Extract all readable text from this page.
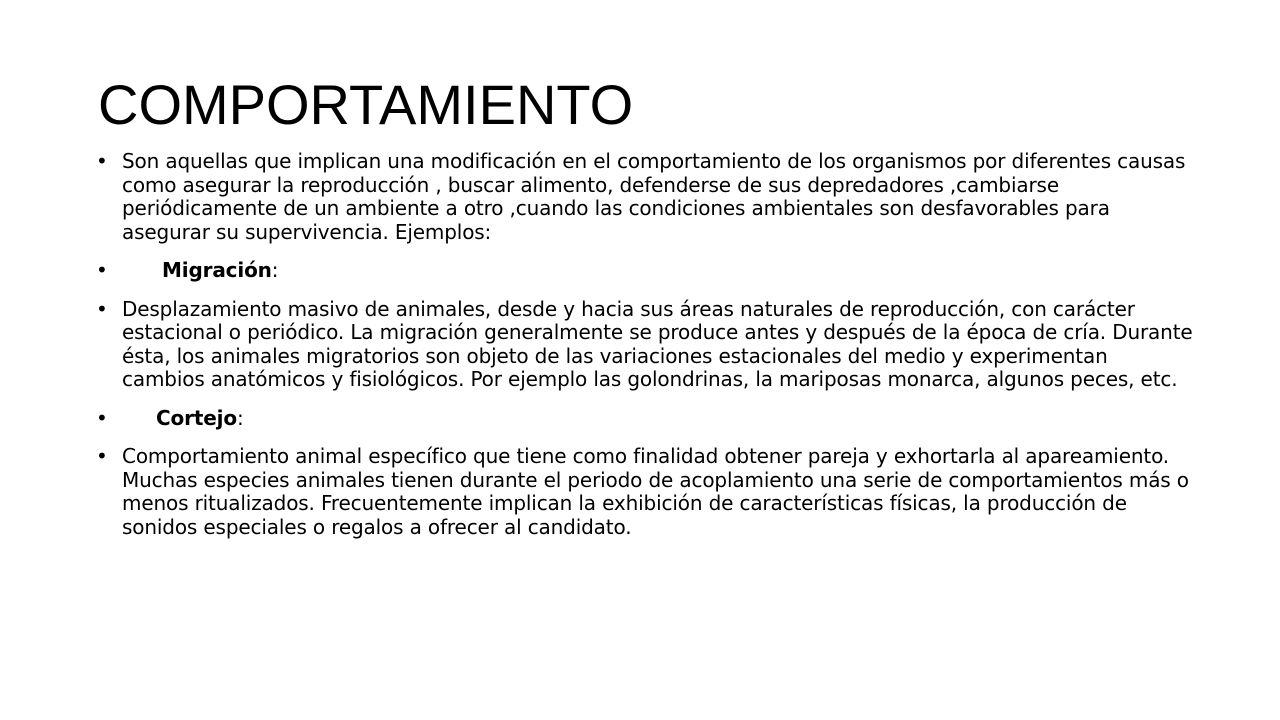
COMPORTAMIENTO
• Son aquellas que implican una modificación en el comportamiento de los organismos por diferentes causas como asegurar la reproducción , buscar alimento, defenderse de sus depredadores ,cambiarse periódicamente de un ambiente a otro ,cuando las condiciones ambientales son desfavorables para asegurar su supervivencia. Ejemplos:
•	Migración:
• Desplazamiento masivo de animales, desde y hacia sus áreas naturales de reproducción, con carácter estacional o periódico. La migración generalmente se produce antes y después de la época de cría. Durante ésta, los animales migratorios son objeto de las variaciones estacionales del medio y experimentan cambios anatómicos y fisiológicos. Por ejemplo las golondrinas, la mariposas monarca, algunos peces, etc.
•	Cortejo:
• Comportamiento animal específico que tiene como finalidad obtener pareja y exhortarla al apareamiento. Muchas especies animales tienen durante el periodo de acoplamiento una serie de comportamientos más o menos ritualizados. Frecuentemente implican la exhibición de características físicas, la producción de sonidos especiales o regalos a ofrecer al candidato.
